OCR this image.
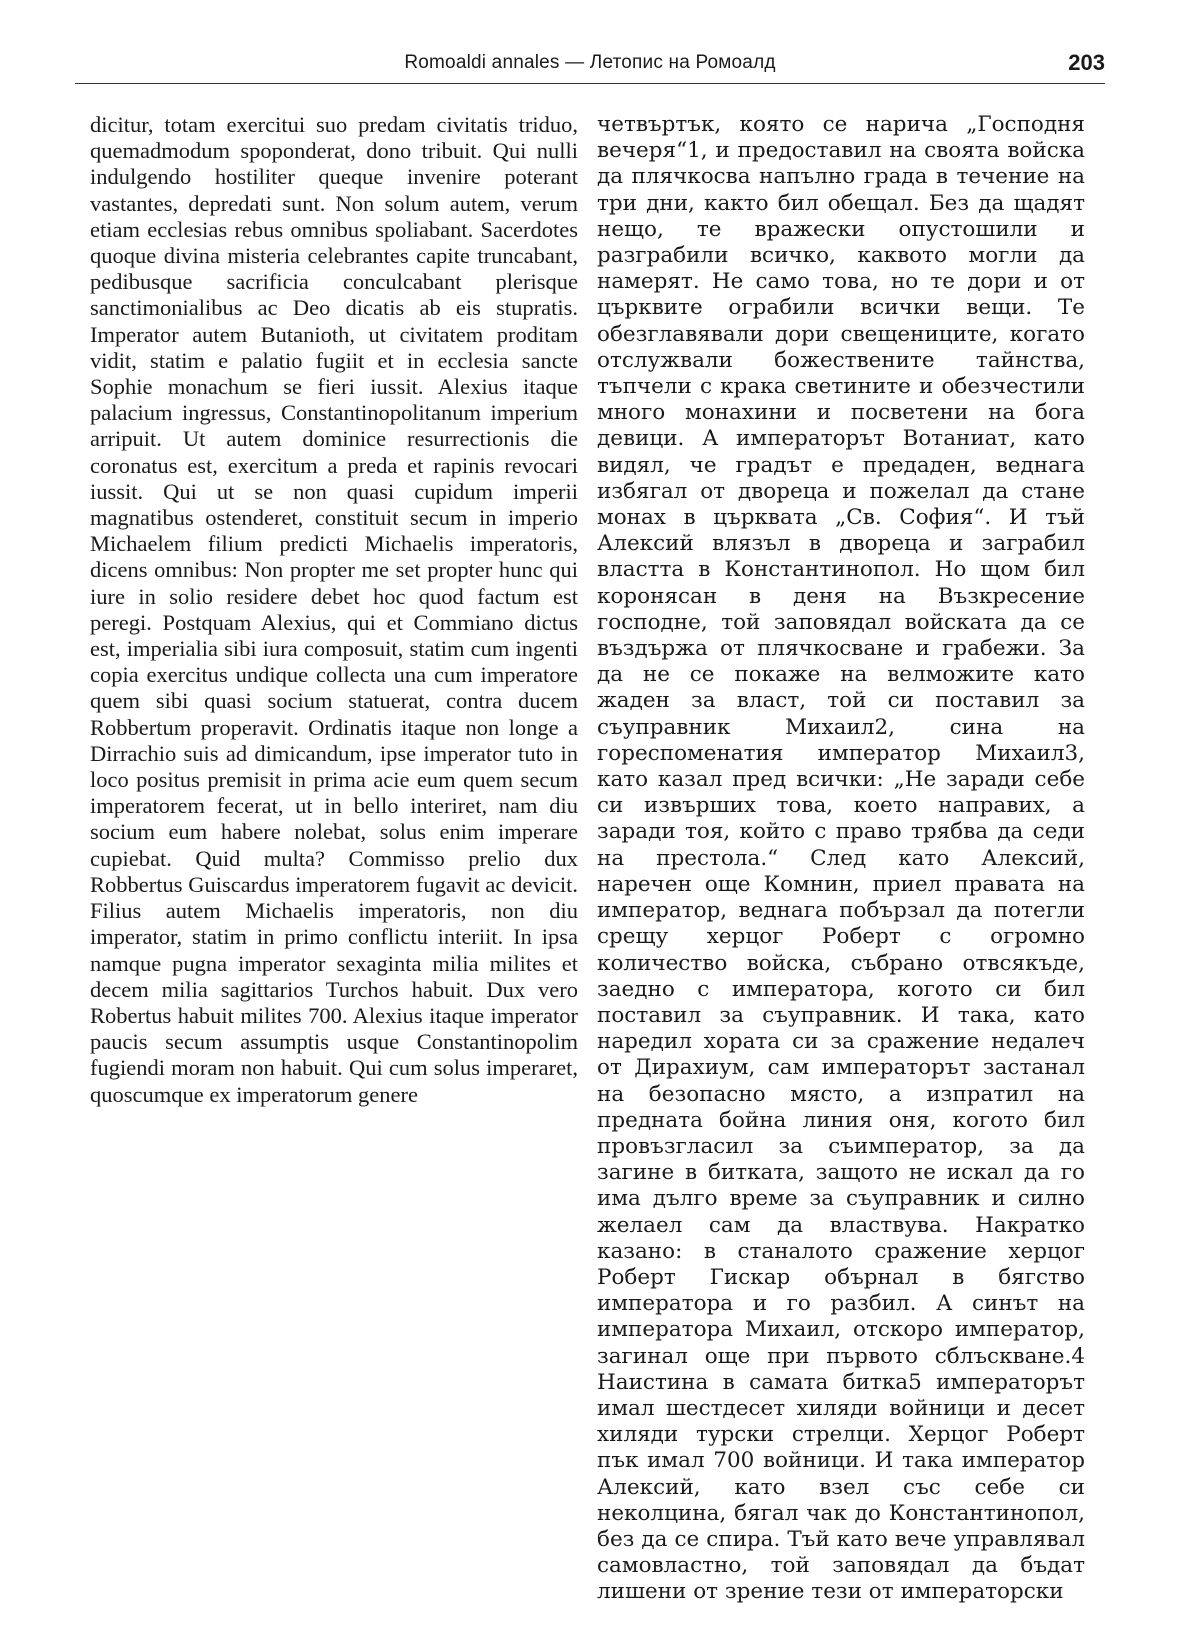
Romoaldi annales — Летопис на Ромоалд	203

dicitur, totam exercitui suo predam civitatis triduo, quemadmodum spoponderat, dono tribuit. Qui nulli indulgendo hostiliter queque invenire poterant vastantes, depredati sunt. Non solum autem, verum etiam ecclesias rebus omnibus spoliabant. Sacerdotes quoque divina misteria celebrantes capite truncabant, pedibusque sacrificia conculcabant plerisque sanctimonialibus ac Deo dicatis ab eis stupratis. Imperator autem Butanioth, ut civitatem proditam vidit, statim e palatio fugiit et in ecclesia sancte Sophie monachum se fieri iussit. Alexius itaque palacium ingressus, Constantinopolitanum imperium arripuit. Ut autem dominice resurrectionis die coronatus est, exercitum a preda et rapinis revocari iussit. Qui ut se non quasi cupidum imperii magnatibus ostenderet, constituit secum in imperio Michaelem filium predicti Michaelis imperatoris, dicens omnibus: Non propter me set propter hunc qui iure in solio residere debet hoc quod factum est peregi. Postquam Alexius, qui et Commiano dictus est, imperialia sibi iura composuit, statim cum ingenti copia exercitus undique collecta una cum imperatore quem sibi quasi socium statuerat, contra ducem Robbertum properavit. Ordinatis itaque non longe a Dirrachio suis ad dimicandum, ipse imperator tuto in loco positus premisit in prima acie eum quem secum imperatorem fecerat, ut in bello interiret, nam diu socium eum habere nolebat, solus enim imperare cupiebat. Quid multa? Commisso prelio dux Robbertus Guiscardus imperatorem fugavit ac devicit. Filius autem Michaelis imperatoris, non diu imperator, statim in primo conflictu interiit. In ipsa namque pugna imperator sexaginta milia milites et decem milia sagittarios Turchos habuit. Dux vero Robertus habuit milites 700. Alexius itaque imperator paucis secum assumptis usque Constantinopolim fugiendi moram non habuit. Qui cum solus imperaret, quoscumque ex imperatorum genere

четвъртък, която се нарича „Господня вечеря“1, и предоставил на своята войска да плячкосва напълно града в течение на три дни, както бил обещал. Без да щадят нещо, те вражески опустошили и разграбили всичко, каквото могли да намерят. Не само това, но те дори и от църквите ограбили всички вещи. Те обезглавявали дори свещениците, когато отслужвали божествените тайнства, тъпчели с крака светините и обезчестили много монахини и посветени на бога девици. А императорът Вотаниат, като видял, че градът е предаден, веднага избягал от двореца и пожелал да стане монах в църквата „Св. София“. И тъй Алексий влязъл в двореца и заграбил властта в Константинопол. Но щом бил коронясан в деня на Възкресение господне, той заповядал войската да се въздържа от плячкосване и грабежи. За да не се покаже на велможите като жаден за власт, той си поставил за съуправник Михаил2, сина на гореспоменатия император Михаил3, като казал пред всички: „Не заради себе си извърших това, което направих, а заради тоя, който с право трябва да седи на престола.“ След като Алексий, наречен още Комнин, приел правата на император, веднага побързал да потегли срещу херцог Роберт с огромно количество войска, събрано отвсякъде, заедно с императора, когото си бил поставил за съуправник. И така, като наредил хората си за сражение недалеч от Дирахиум, сам императорът застанал на безопасно място, а изпратил на предната бойна линия оня, когото бил провъзгласил за съимператор, за да загине в битката, защото не искал да го има дълго време за съуправник и силно желаел сам да властвува. Накратко казано: в станалото сражение херцог Роберт Гискар обърнал в бягство императора и го разбил. А синът на императора Михаил, отскоро император, загинал още при първото сблъскване.4 Наистина в самата битка5 императорът имал шестдесет хиляди войници и десет хиляди турски стрелци. Херцог Роберт пък имал 700 войници. И така император Алексий, като взел със себе си неколцина, бягал чак до Константинопол, без да се спира. Тъй като вече управлявал самовластно, той заповядал да бъдат лишени от зрение тези от императорски
